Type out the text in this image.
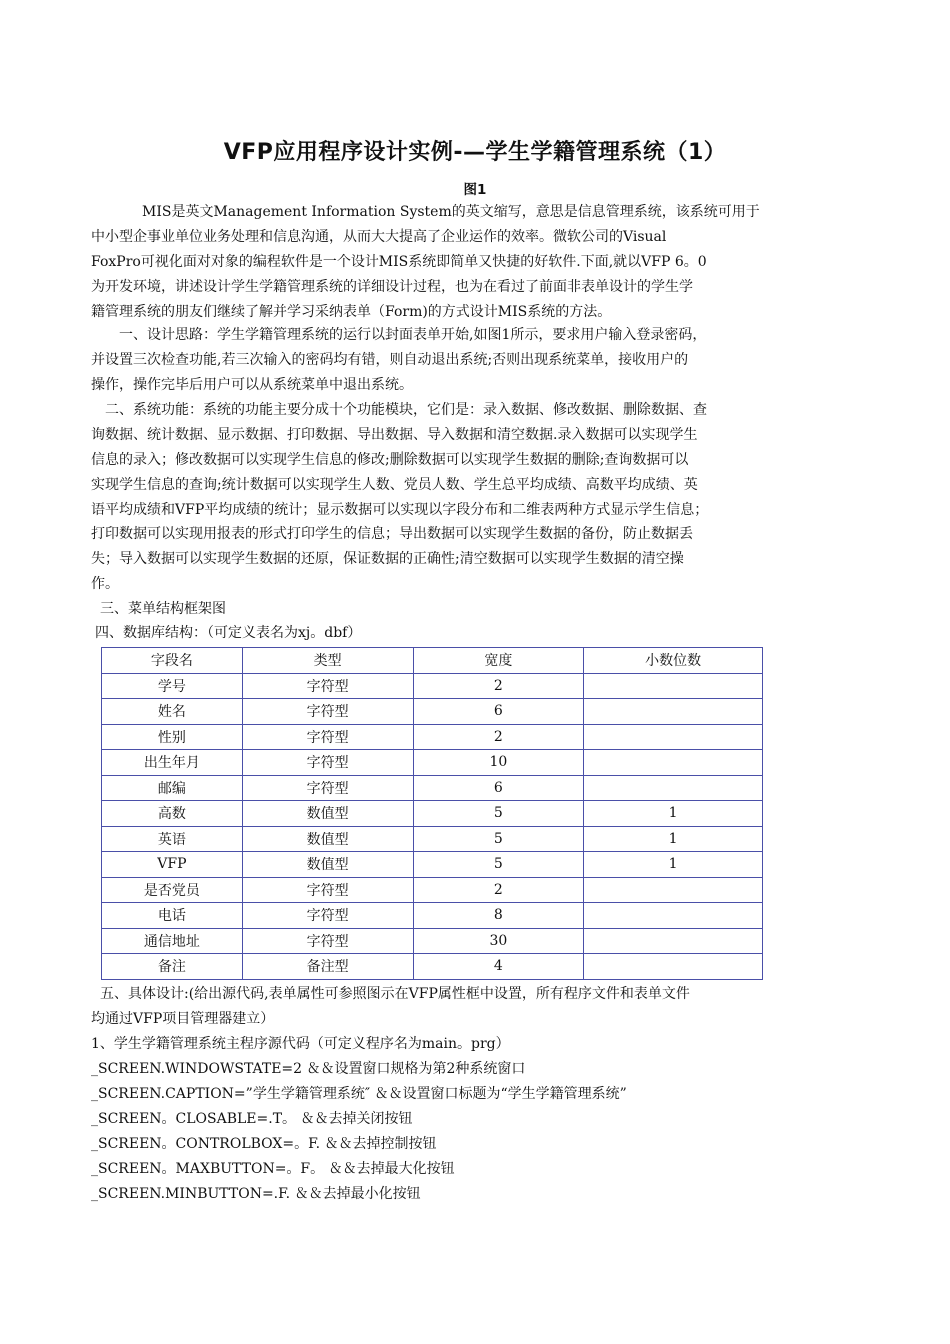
VFP应用程序设计实例-—学生学籍管理系统（1）
图1
MIS是英文Management Information System的英文缩写，意思是信息管理系统，该系统可用于
中小型企事业单位业务处理和信息沟通，从而大大提高了企业运作的效率。微软公司的Visual
FoxPro可视化面对对象的编程软件是一个设计MIS系统即简单又快捷的好软件.下面,就以VFP 6。0
为开发环境，讲述设计学生学籍管理系统的详细设计过程，也为在看过了前面非表单设计的学生学
籍管理系统的朋友们继续了解并学习采纳表单（Form)的方式设计MIS系统的方法。
一、设计思路：学生学籍管理系统的运行以封面表单开始,如图1所示，要求用户输入登录密码，
并设置三次检查功能,若三次输入的密码均有错，则自动退出系统;否则出现系统菜单，接收用户的
操作，操作完毕后用户可以从系统菜单中退出系统。
二、系统功能：系统的功能主要分成十个功能模块，它们是：录入数据、修改数据、删除数据、查
询数据、统计数据、显示数据、打印数据、导出数据、导入数据和清空数据.录入数据可以实现学生
信息的录入；修改数据可以实现学生信息的修改;删除数据可以实现学生数据的删除;查询数据可以
实现学生信息的查询;统计数据可以实现学生人数、党员人数、学生总平均成绩、高数平均成绩、英
语平均成绩和VFP平均成绩的统计；显示数据可以实现以字段分布和二维表两种方式显示学生信息；
打印数据可以实现用报表的形式打印学生的信息；导出数据可以实现学生数据的备份，防止数据丢
失；导入数据可以实现学生数据的还原，保证数据的正确性;清空数据可以实现学生数据的清空操
作。
三、菜单结构框架图
四、数据库结构：（可定义表名为xj。dbf）
字段名	类型	宽度	小数位数
学号	字符型	2	
姓名	字符型	6	
性别	字符型	2	
出生年月	字符型	10	
邮编	字符型	6	
高数	数值型	5	1
英语	数值型	5	1
VFP	数值型	5	1
是否党员	字符型	2	
电话	字符型	8	
通信地址	字符型	30	
备注	备注型	4	
五、具体设计:(给出源代码,表单属性可参照图示在VFP属性框中设置，所有程序文件和表单文件
均通过VFP项目管理器建立）
1、学生学籍管理系统主程序源代码（可定义程序名为main。prg）
_SCREEN.WINDOWSTATE=2 ＆＆设置窗口规格为第2种系统窗口
_SCREEN.CAPTION=”学生学籍管理系统″ ＆＆设置窗口标题为“学生学籍管理系统”
_SCREEN。CLOSABLE=.T。 ＆＆去掉关闭按钮
_SCREEN。CONTROLBOX=。F. ＆＆去掉控制按钮
_SCREEN。MAXBUTTON=。F。 ＆＆去掉最大化按钮
_SCREEN.MINBUTTON=.F. ＆＆去掉最小化按钮
